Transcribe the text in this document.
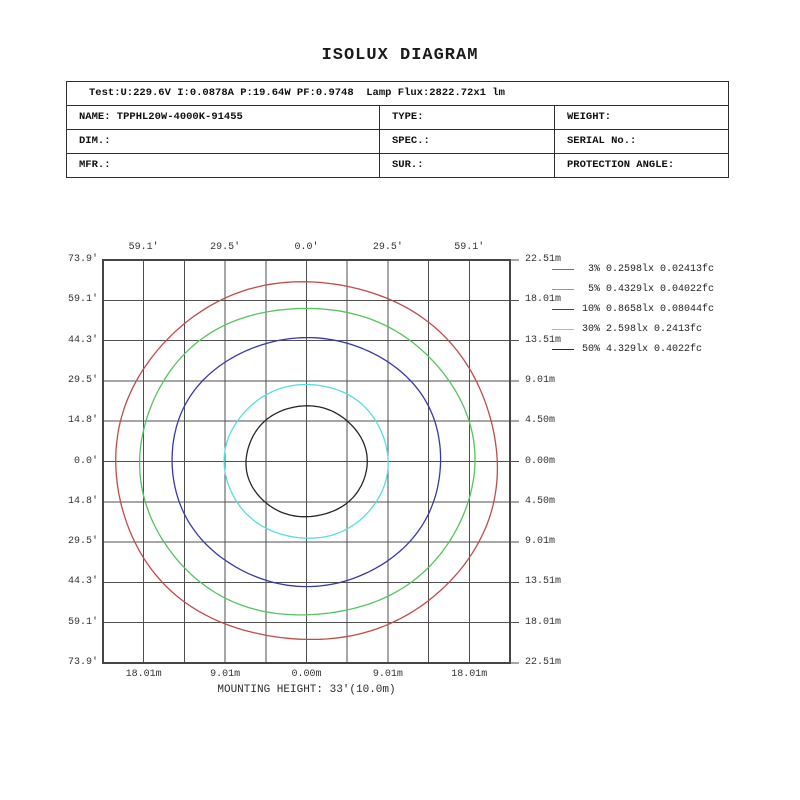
ISOLUX DIAGRAM
Test:U:229.6V I:0.0878A P:19.64W PF:0.9748  Lamp Flux:2822.72x1 lm
NAME: TPPHL20W-4000K-91455	TYPE:	WEIGHT:
DIM.:	SPEC.:	SERIAL No.:
MFR.:	SUR.:	PROTECTION ANGLE:
73.9'
59.1'
44.3'
29.5'
14.8'
0.0'
14.8'
29.5'
44.3'
59.1'
73.9'
22.51m
18.01m
13.51m
9.01m
4.50m
0.00m
4.50m
9.01m
13.51m
18.01m
22.51m
59.1'	29.5'	0.0'	29.5'	59.1'
18.01m	9.01m	0.00m	9.01m	18.01m
3% 0.2598lx 0.02413fc
5% 0.4329lx 0.04022fc
10% 0.8658lx 0.08044fc
30% 2.598lx 0.2413fc
50% 4.329lx 0.4022fc
MOUNTING HEIGHT: 33'(10.0m)
